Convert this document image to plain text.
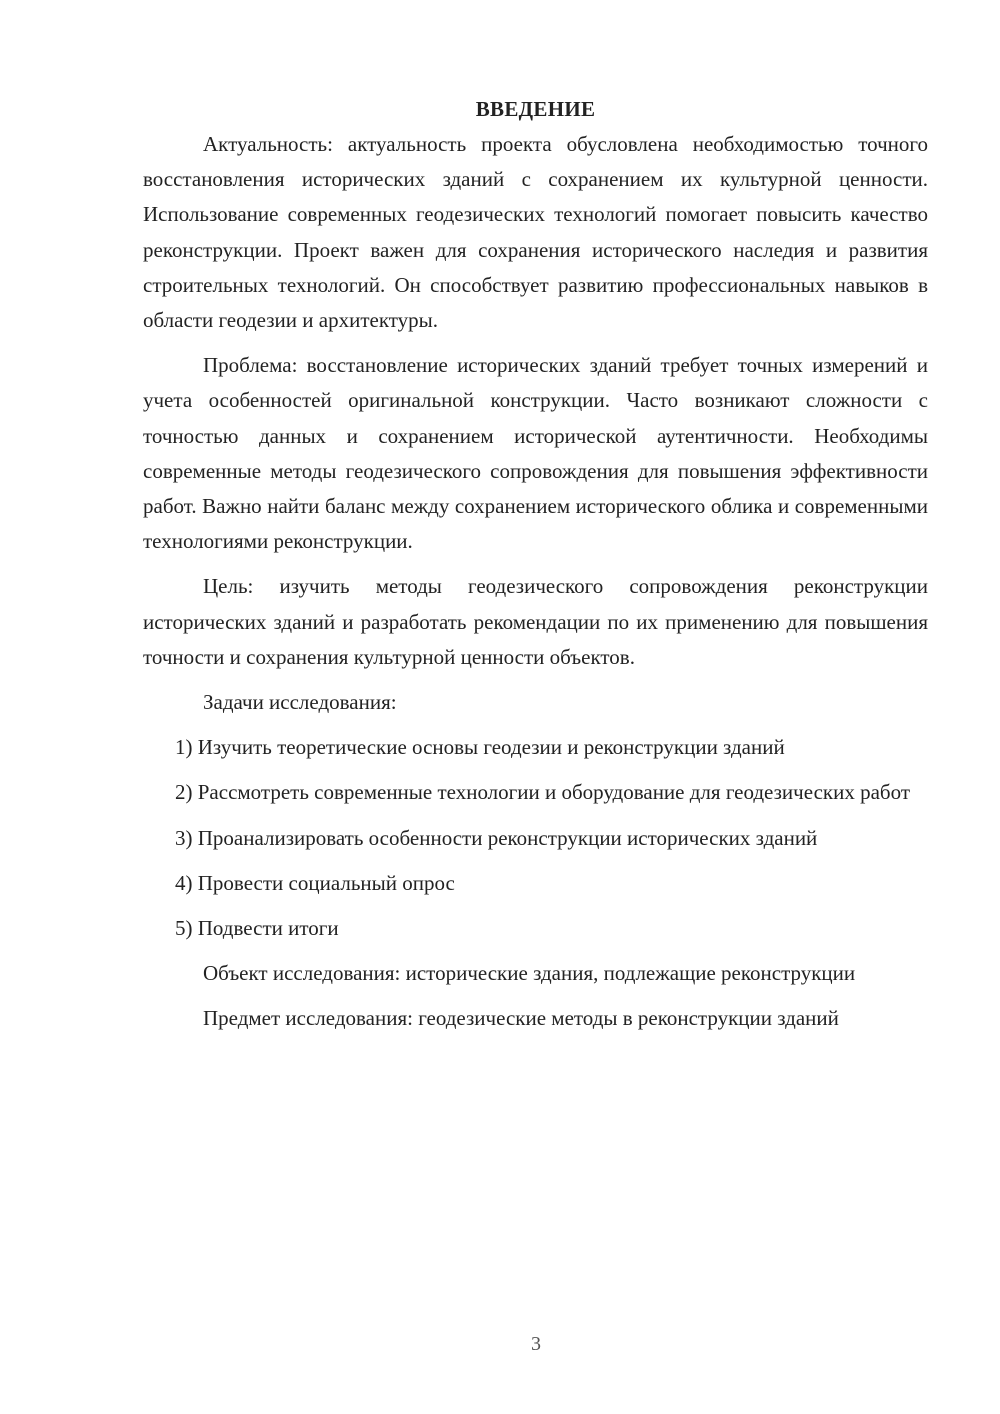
ВВЕДЕНИЕ

Актуальность: актуальность проекта обусловлена необходимостью точного восстановления исторических зданий с сохранением их культурной ценности. Использование современных геодезических технологий помогает повысить качество реконструкции. Проект важен для сохранения исторического наследия и развития строительных технологий. Он способствует развитию профессиональных навыков в области геодезии и архитектуры.

Проблема: восстановление исторических зданий требует точных измерений и учета особенностей оригинальной конструкции. Часто возникают сложности с точностью данных и сохранением исторической аутентичности. Необходимы современные методы геодезического сопровождения для повышения эффективности работ. Важно найти баланс между сохранением исторического облика и современными технологиями реконструкции.

Цель: изучить методы геодезического сопровождения реконструкции исторических зданий и разработать рекомендации по их применению для повышения точности и сохранения культурной ценности объектов.

Задачи исследования:

1) Изучить теоретические основы геодезии и реконструкции зданий

2) Рассмотреть современные технологии и оборудование для геодезических работ

3) Проанализировать особенности реконструкции исторических зданий

4) Провести социальный опрос

5) Подвести итоги

Объект исследования: исторические здания, подлежащие реконструкции

Предмет исследования: геодезические методы в реконструкции зданий

3
